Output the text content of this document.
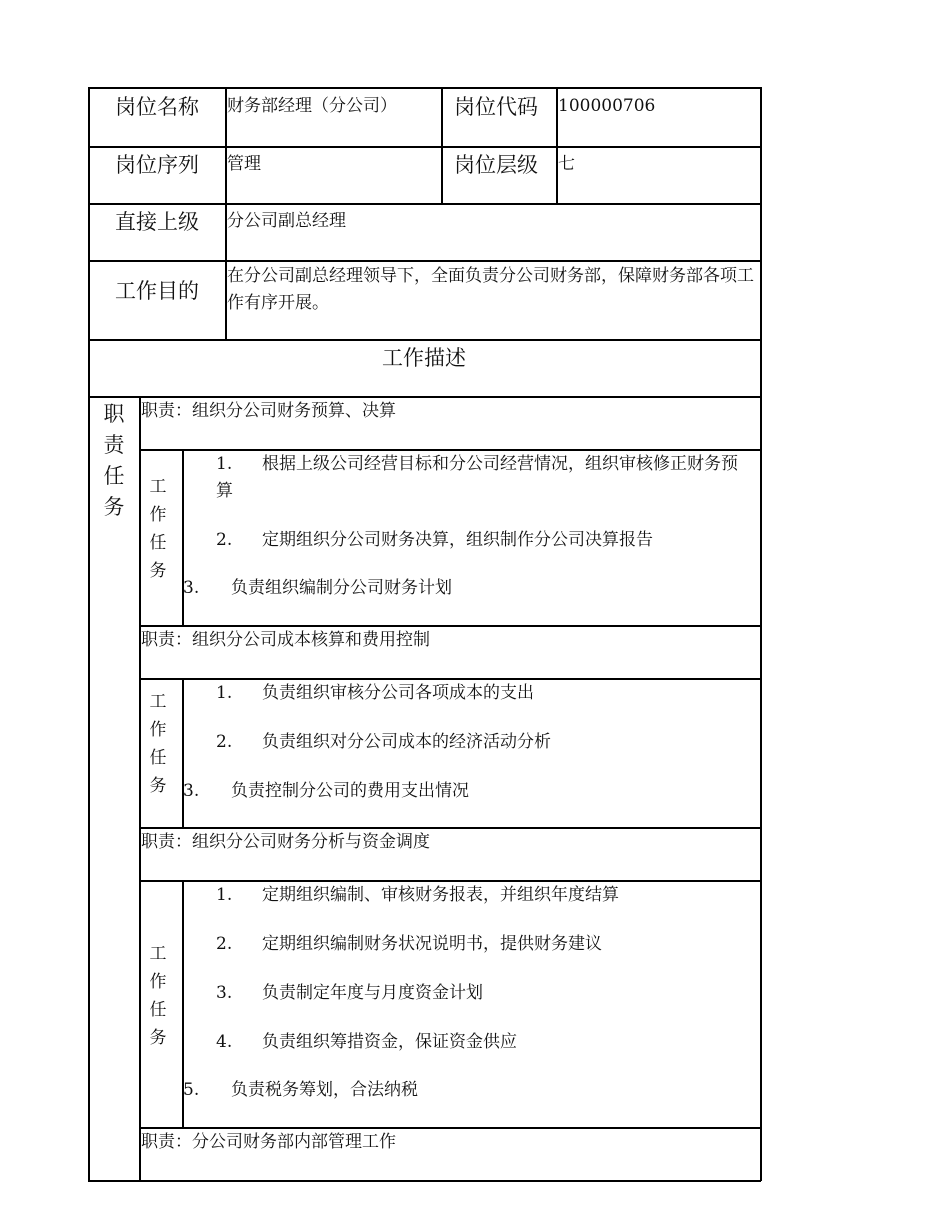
岗位名称 财务部经理（分公司）	岗位代码 100000706
岗位序列 管理	岗位层级 七
直接上级 分公司副总经理
工作目的
在分公司副总经理领导下，全面负责分公司财务部，保障财务部各项工作有序开展。
工作描述
职
责
任
务
职责：组织分公司财务预算、决算
职责：组织分公司成本核算和费用控制
职责：组织分公司财务分析与资金调度
职责：分公司财务部内部管理工作
工
作
任
务
工
作
任
务
工
作
任
务
1. 根据上级公司经营目标和分公司经营情况，组织审核修正财务预算
2. 定期组织分公司财务决算，组织制作分公司决算报告
3. 负责组织编制分公司财务计划
1. 负责组织审核分公司各项成本的支出
2. 负责组织对分公司成本的经济活动分析
3. 负责控制分公司的费用支出情况
1. 定期组织编制、审核财务报表，并组织年度结算
2. 定期组织编制财务状况说明书，提供财务建议
3. 负责制定年度与月度资金计划
4. 负责组织筹措资金，保证资金供应
5. 负责税务筹划，合法纳税
